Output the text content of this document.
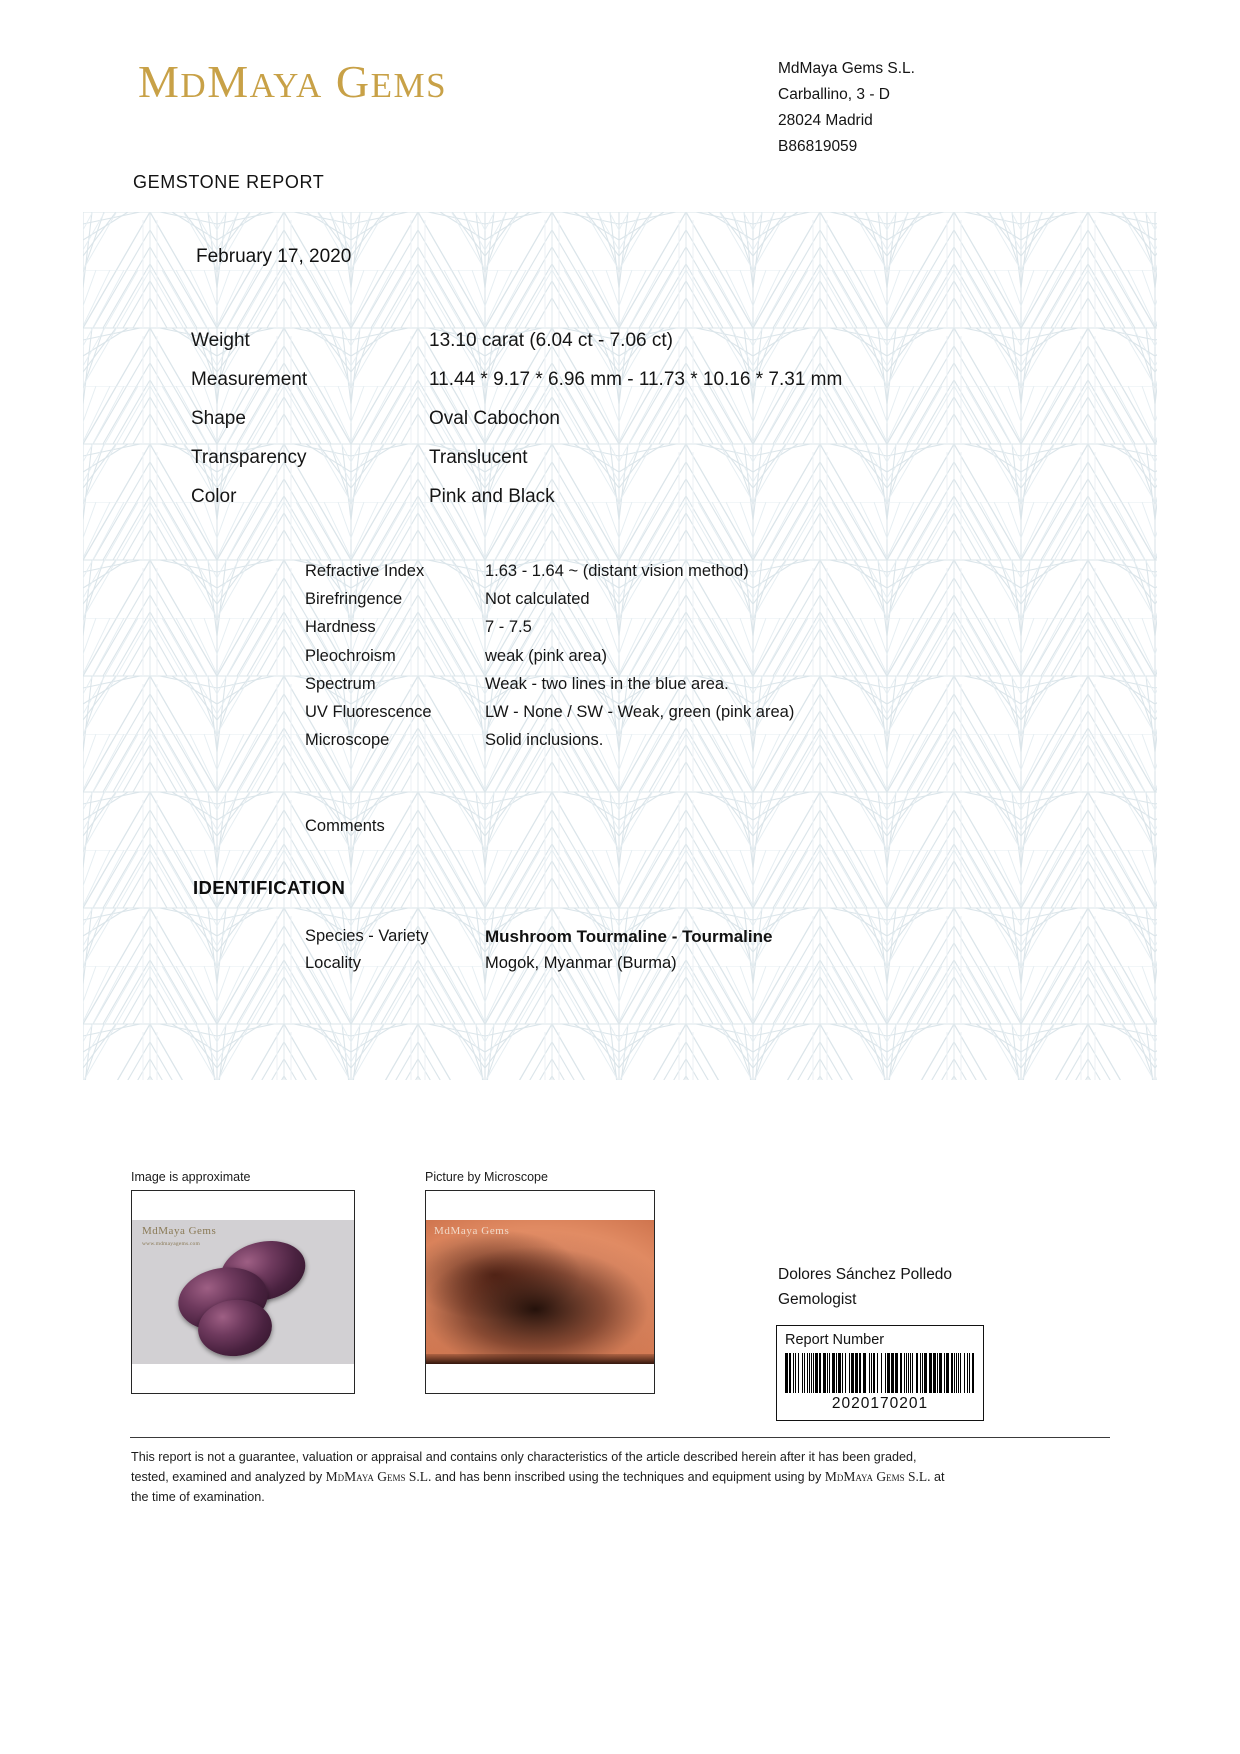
MDMAYA GEMS	MdMaya Gems S.L.
Carballino, 3 - D
28024 Madrid
B86819059
GEMSTONE REPORT
February 17, 2020
Weight	13.10 carat (6.04 ct - 7.06 ct)
Measurement	11.44 * 9.17 * 6.96 mm - 11.73 * 10.16 * 7.31 mm
Shape	Oval Cabochon
Transparency	Translucent
Color	Pink and Black
Refractive Index	1.63 - 1.64 ~ (distant vision method)
Birefringence	Not calculated
Hardness	7 - 7.5
Pleochroism	weak (pink area)
Spectrum	Weak - two lines in the blue area.
UV Fluorescence	LW - None / SW - Weak, green (pink area)
Microscope	Solid inclusions.
Comments
IDENTIFICATION
Species - Variety	Mushroom Tourmaline - Tourmaline
Locality	Mogok, Myanmar (Burma)
Image is approximate
MdMaya Gems
www.mdmayagems.com
Picture by Microscope
MdMaya Gems
Dolores Sánchez Polledo
Gemologist
Report Number
2020170201
This report is not a guarantee, valuation or appraisal and contains only characteristics of the article described herein after it has been graded,
tested, examined and analyzed by MdMaya Gems S.L. and has benn inscribed using the techniques and equipment using by MdMaya Gems S.L. at
the time of examination.
